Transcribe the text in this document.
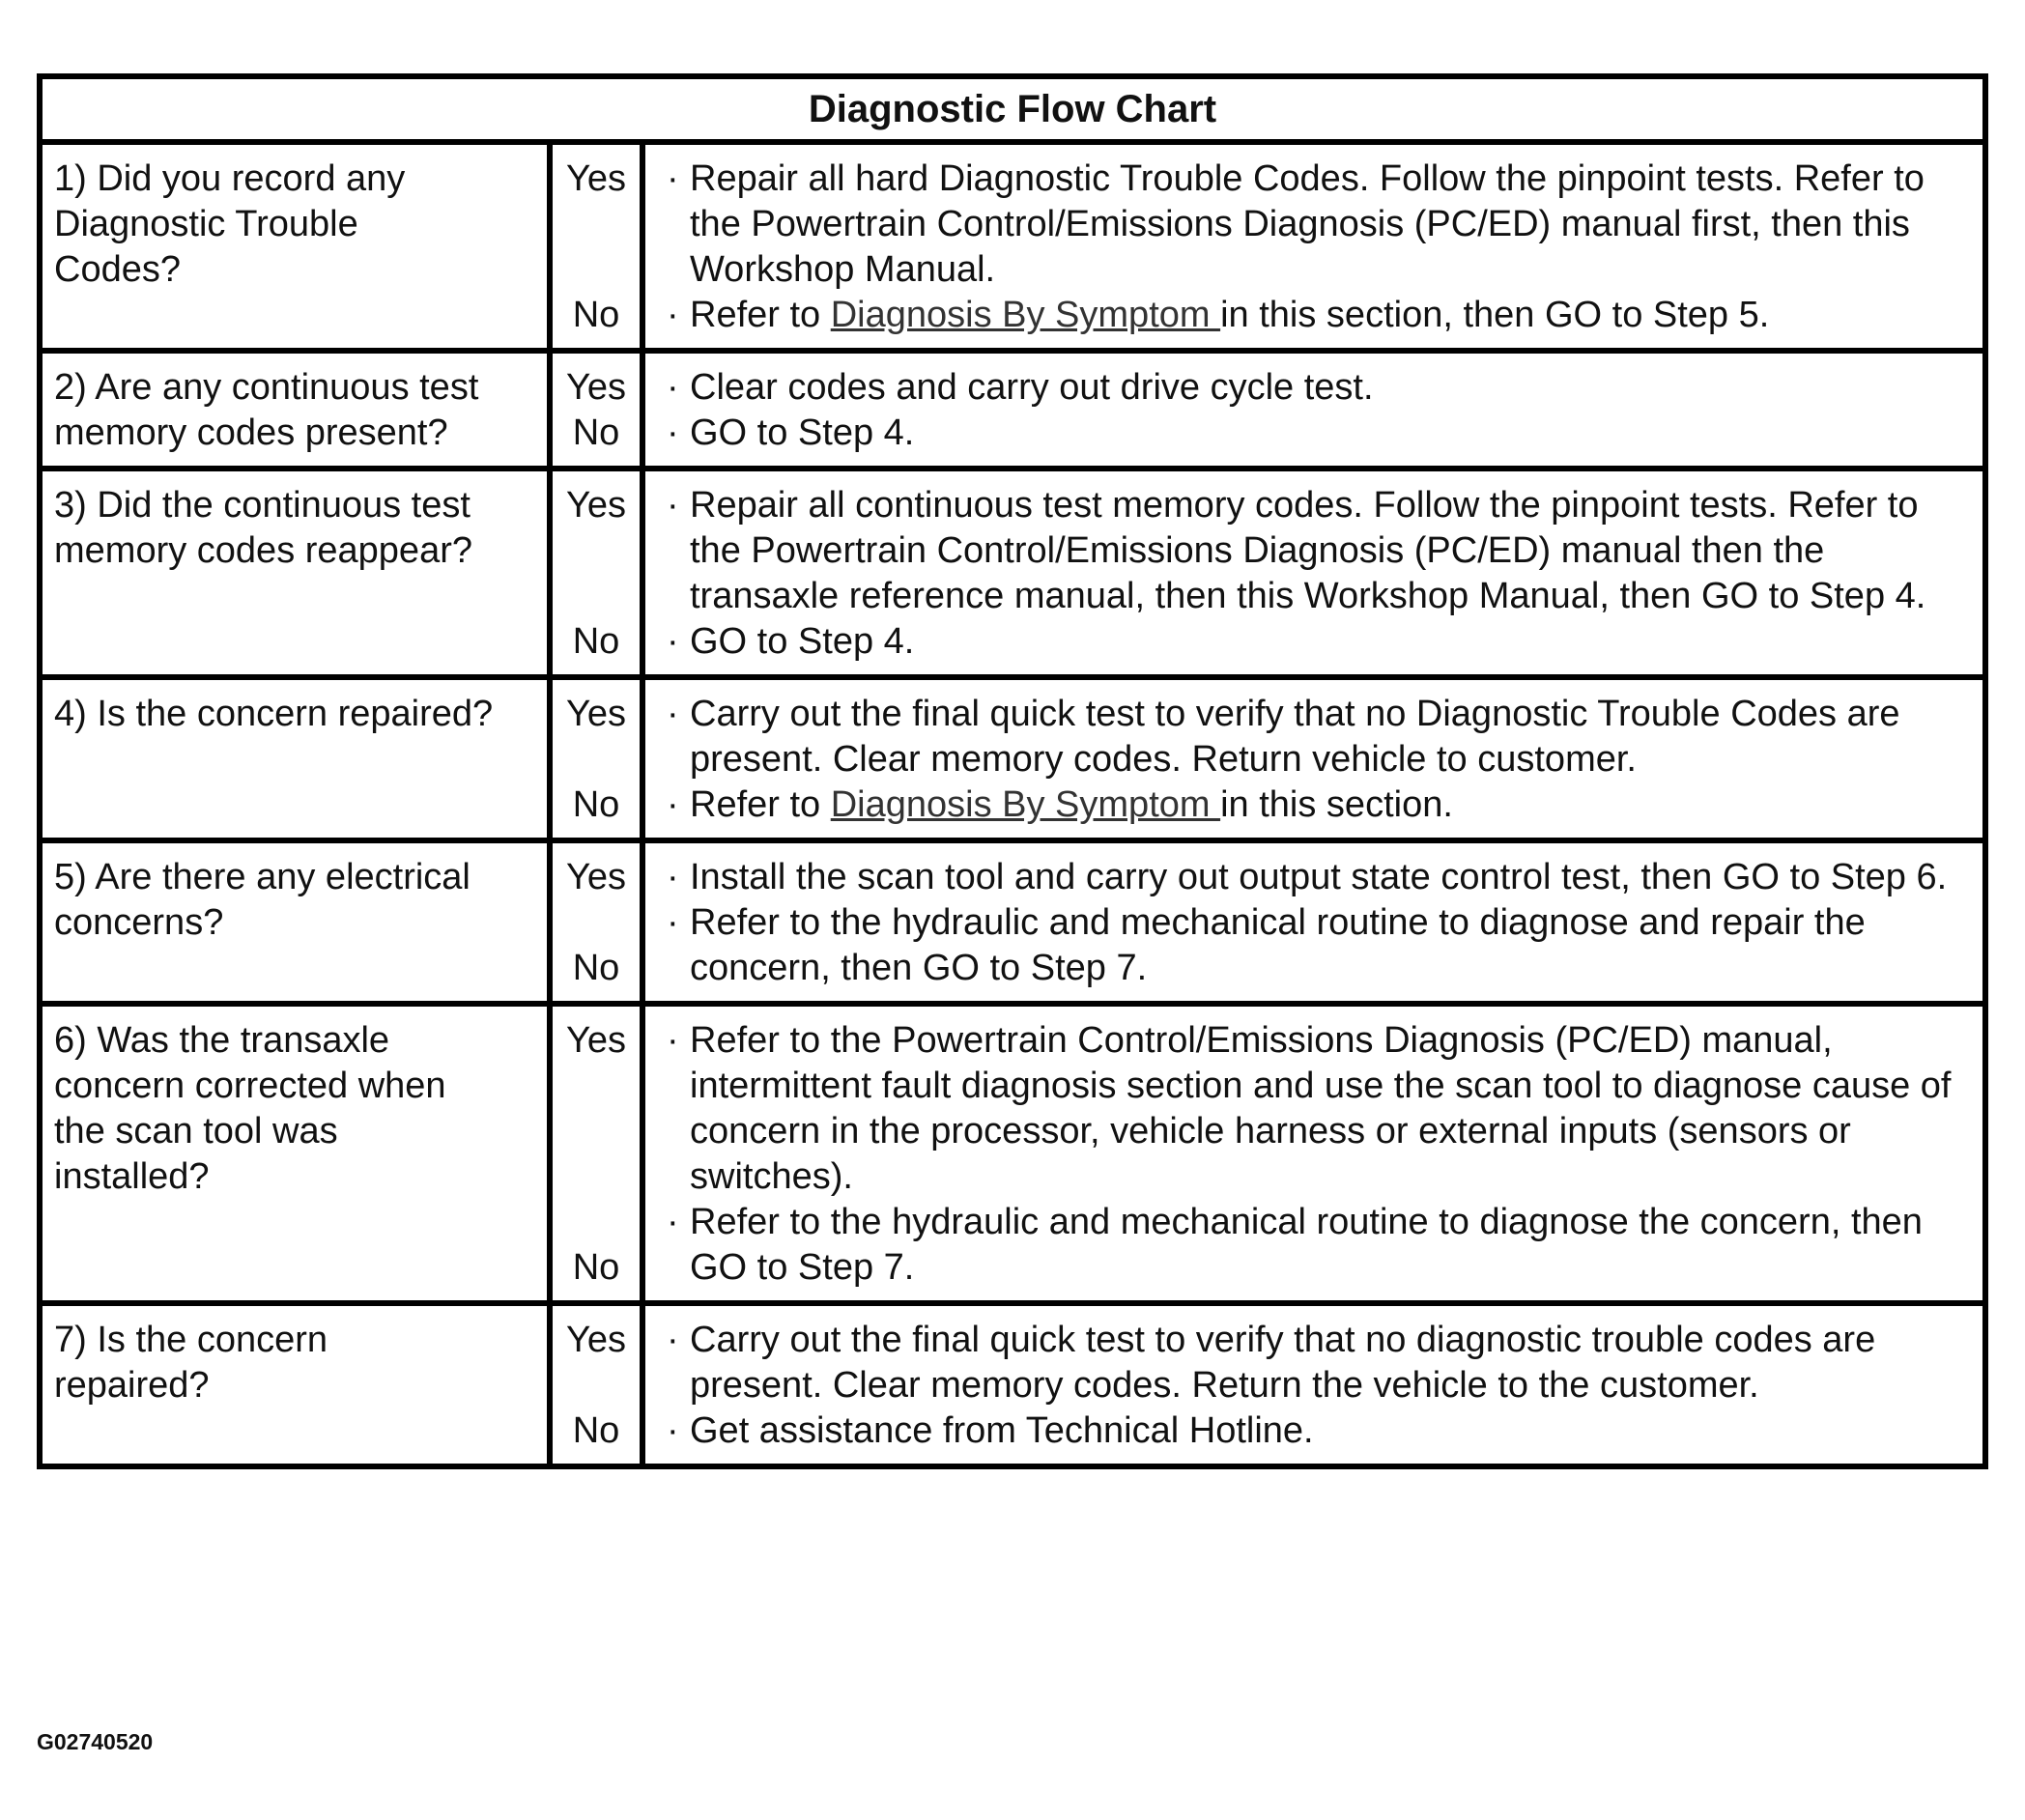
Diagnostic Flow Chart
1) Did you record any
Diagnostic Trouble
Codes?
Yes
No
· Repair all hard Diagnostic Trouble Codes. Follow the pinpoint tests. Refer to the Powertrain Control/Emissions Diagnosis (PC/ED) manual first, then this Workshop Manual.
· Refer to Diagnosis By Symptom in this section, then GO to Step 5.
2) Are any continuous test
memory codes present?
Yes
No
· Clear codes and carry out drive cycle test.
· GO to Step 4.
3) Did the continuous test
memory codes reappear?
Yes
No
· Repair all continuous test memory codes. Follow the pinpoint tests. Refer to the Powertrain Control/Emissions Diagnosis (PC/ED) manual then the transaxle reference manual, then this Workshop Manual, then GO to Step 4.
· GO to Step 4.
4) Is the concern repaired?	Yes
No
· Carry out the final quick test to verify that no Diagnostic Trouble Codes are present. Clear memory codes. Return vehicle to customer.
· Refer to Diagnosis By Symptom in this section.
5) Are there any electrical
concerns?
Yes
No
· Install the scan tool and carry out output state control test, then GO to Step 6.
· Refer to the hydraulic and mechanical routine to diagnose and repair the concern, then GO to Step 7.
6) Was the transaxle
concern corrected when
the scan tool was
installed?
Yes
No
· Refer to the Powertrain Control/Emissions Diagnosis (PC/ED) manual, intermittent fault diagnosis section and use the scan tool to diagnose cause of concern in the processor, vehicle harness or external inputs (sensors or switches).
· Refer to the hydraulic and mechanical routine to diagnose the concern, then GO to Step 7.
7) Is the concern
repaired?
Yes
No
· Carry out the final quick test to verify that no diagnostic trouble codes are present. Clear memory codes. Return the vehicle to the customer.
· Get assistance from Technical Hotline.
G02740520
